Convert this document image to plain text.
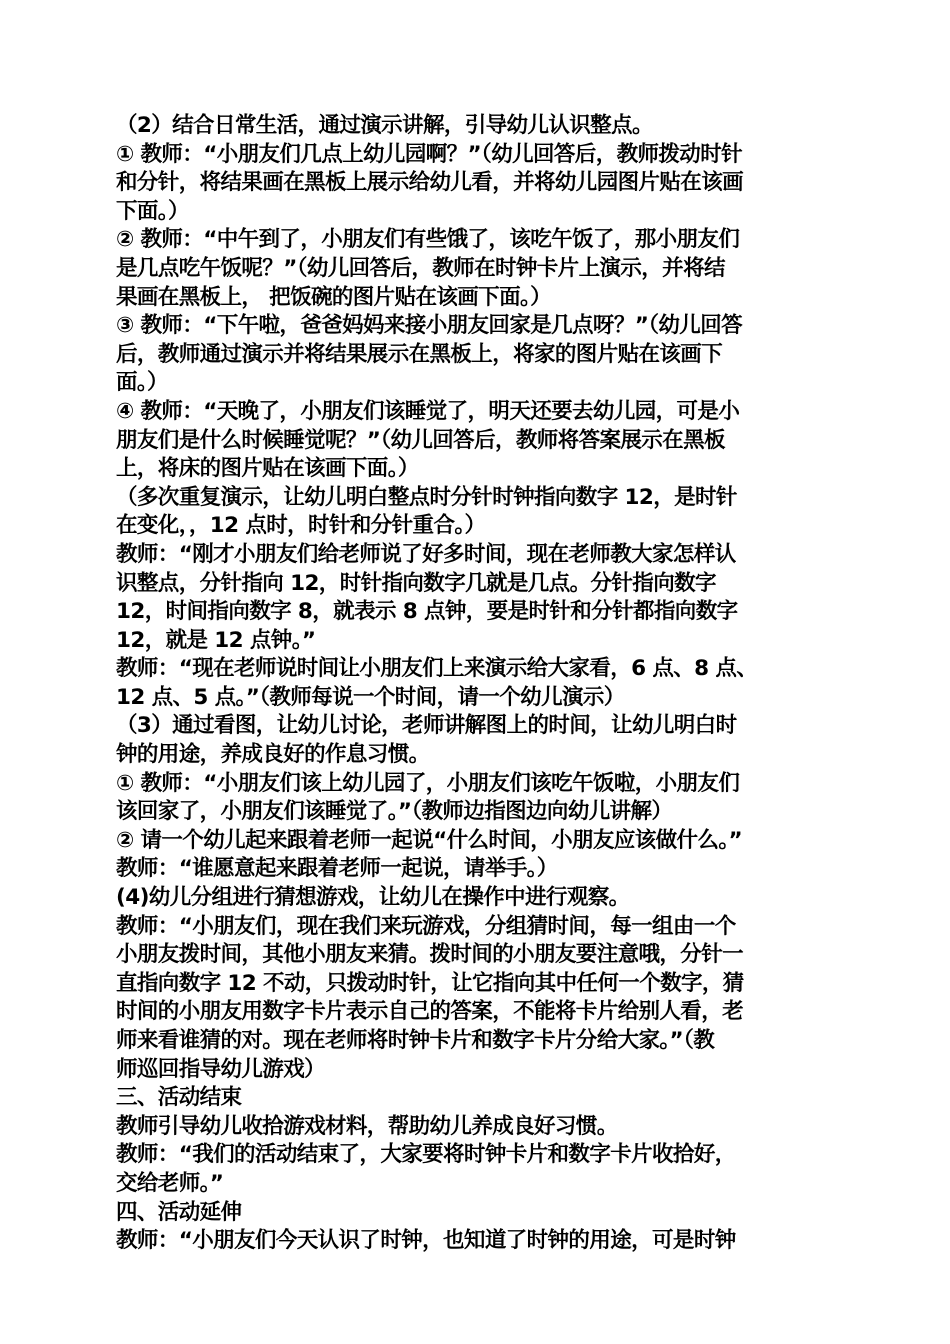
（2）结合日常生活，通过演示讲解，引导幼儿认识整点。
① 教师：“小朋友们几点上幼儿园啊？”（幼儿回答后，教师拨动时针
和分针，将结果画在黑板上展示给幼儿看，并将幼儿园图片贴在该画
下面。）
② 教师：“中午到了，小朋友们有些饿了，该吃午饭了，那小朋友们
是几点吃午饭呢？”（幼儿回答后，教师在时钟卡片上演示，并将结
果画在黑板上， 把饭碗的图片贴在该画下面。）
③ 教师：“下午啦，爸爸妈妈来接小朋友回家是几点呀？”（幼儿回答
后，教师通过演示并将结果展示在黑板上，将家的图片贴在该画下
面。）
④ 教师：“天晚了，小朋友们该睡觉了，明天还要去幼儿园，可是小
朋友们是什么时候睡觉呢？”（幼儿回答后，教师将答案展示在黑板
上，将床的图片贴在该画下面。）
（多次重复演示，让幼儿明白整点时分针时钟指向数字 12，是时针
在变化，，12 点时，时针和分针重合。）
教师：“刚才小朋友们给老师说了好多时间，现在老师教大家怎样认
识整点，分针指向 12，时针指向数字几就是几点。分针指向数字
12，时间指向数字 8，就表示 8 点钟，要是时针和分针都指向数字
12，就是 12 点钟。”
教师：“现在老师说时间让小朋友们上来演示给大家看，6 点、8 点、
12 点、5 点。”（教师每说一个时间，请一个幼儿演示）
（3）通过看图，让幼儿讨论，老师讲解图上的时间，让幼儿明白时
钟的用途，养成良好的作息习惯。
① 教师：“小朋友们该上幼儿园了，小朋友们该吃午饭啦，小朋友们
该回家了，小朋友们该睡觉了。”（教师边指图边向幼儿讲解）
② 请一个幼儿起来跟着老师一起说“什么时间，小朋友应该做什么。”
教师：“谁愿意起来跟着老师一起说，请举手。）
(4)幼儿分组进行猜想游戏，让幼儿在操作中进行观察。
教师：“小朋友们，现在我们来玩游戏，分组猜时间，每一组由一个
小朋友拨时间，其他小朋友来猜。拨时间的小朋友要注意哦，分针一
直指向数字 12 不动，只拨动时针，让它指向其中任何一个数字，猜
时间的小朋友用数字卡片表示自己的答案，不能将卡片给别人看，老
师来看谁猜的对。现在老师将时钟卡片和数字卡片分给大家。”（教
师巡回指导幼儿游戏）
三、活动结束
教师引导幼儿收拾游戏材料，帮助幼儿养成良好习惯。
教师：“我们的活动结束了，大家要将时钟卡片和数字卡片收拾好，
交给老师。”
四、活动延伸
教师：“小朋友们今天认识了时钟，也知道了时钟的用途，可是时钟
